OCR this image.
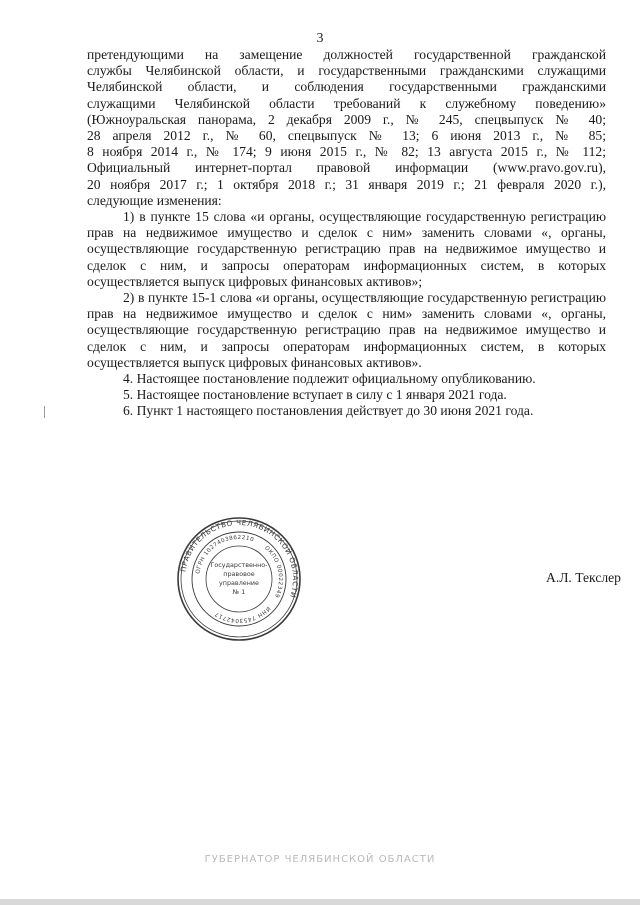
3

претендующими на замещение должностей государственной гражданской

службы Челябинской области, и государственными гражданскими служащими

Челябинской области, и соблюдения государственными гражданскими

служащими Челябинской области требований к служебному поведению»

(Южноуральская панорама, 2 декабря 2009 г., № 245, спецвыпуск № 40;

28 апреля 2012 г., № 60, спецвыпуск № 13; 6 июня 2013 г., № 85;

8 ноября 2014 г., № 174; 9 июня 2015 г., № 82; 13 августа 2015 г., № 112;

Официальный интернет-портал правовой информации (www.pravo.gov.ru),

20 ноября 2017 г.; 1 октября 2018 г.; 31 января 2019 г.; 21 февраля 2020 г.),

следующие изменения:

1) в пункте 15 слова «и органы, осуществляющие государственную регистрацию прав на недвижимое имущество и сделок с ним» заменить словами «, органы, осуществляющие государственную регистрацию прав на недвижимое имущество и сделок с ним, и запросы операторам информационных систем, в которых осуществляется выпуск цифровых финансовых активов»;

2) в пункте 15-1 слова «и органы, осуществляющие государственную регистрацию прав на недвижимое имущество и сделок с ним» заменить словами «, органы, осуществляющие государственную регистрацию прав на недвижимое имущество и сделок с ним, и запросы операторам информационных систем, в которых осуществляется выпуск цифровых финансовых активов».

4. Настоящее постановление подлежит официальному опубликованию.

5. Настоящее постановление вступает в силу с 1 января 2021 года.

6. Пункт 1 настоящего постановления действует до 30 июня 2021 года.

ПРАВИТЕЛЬСТВО ЧЕЛЯБИНСКОЙ ОБЛАСТИ
ОГРН 1027403862210
ОКПО 00022349
ИНН 7453042717
Государственно-
правовое
управление
№ 1
А.Л. Текслер
ГУБЕРНАТОР ЧЕЛЯБИНСКОЙ ОБЛАСТИ
